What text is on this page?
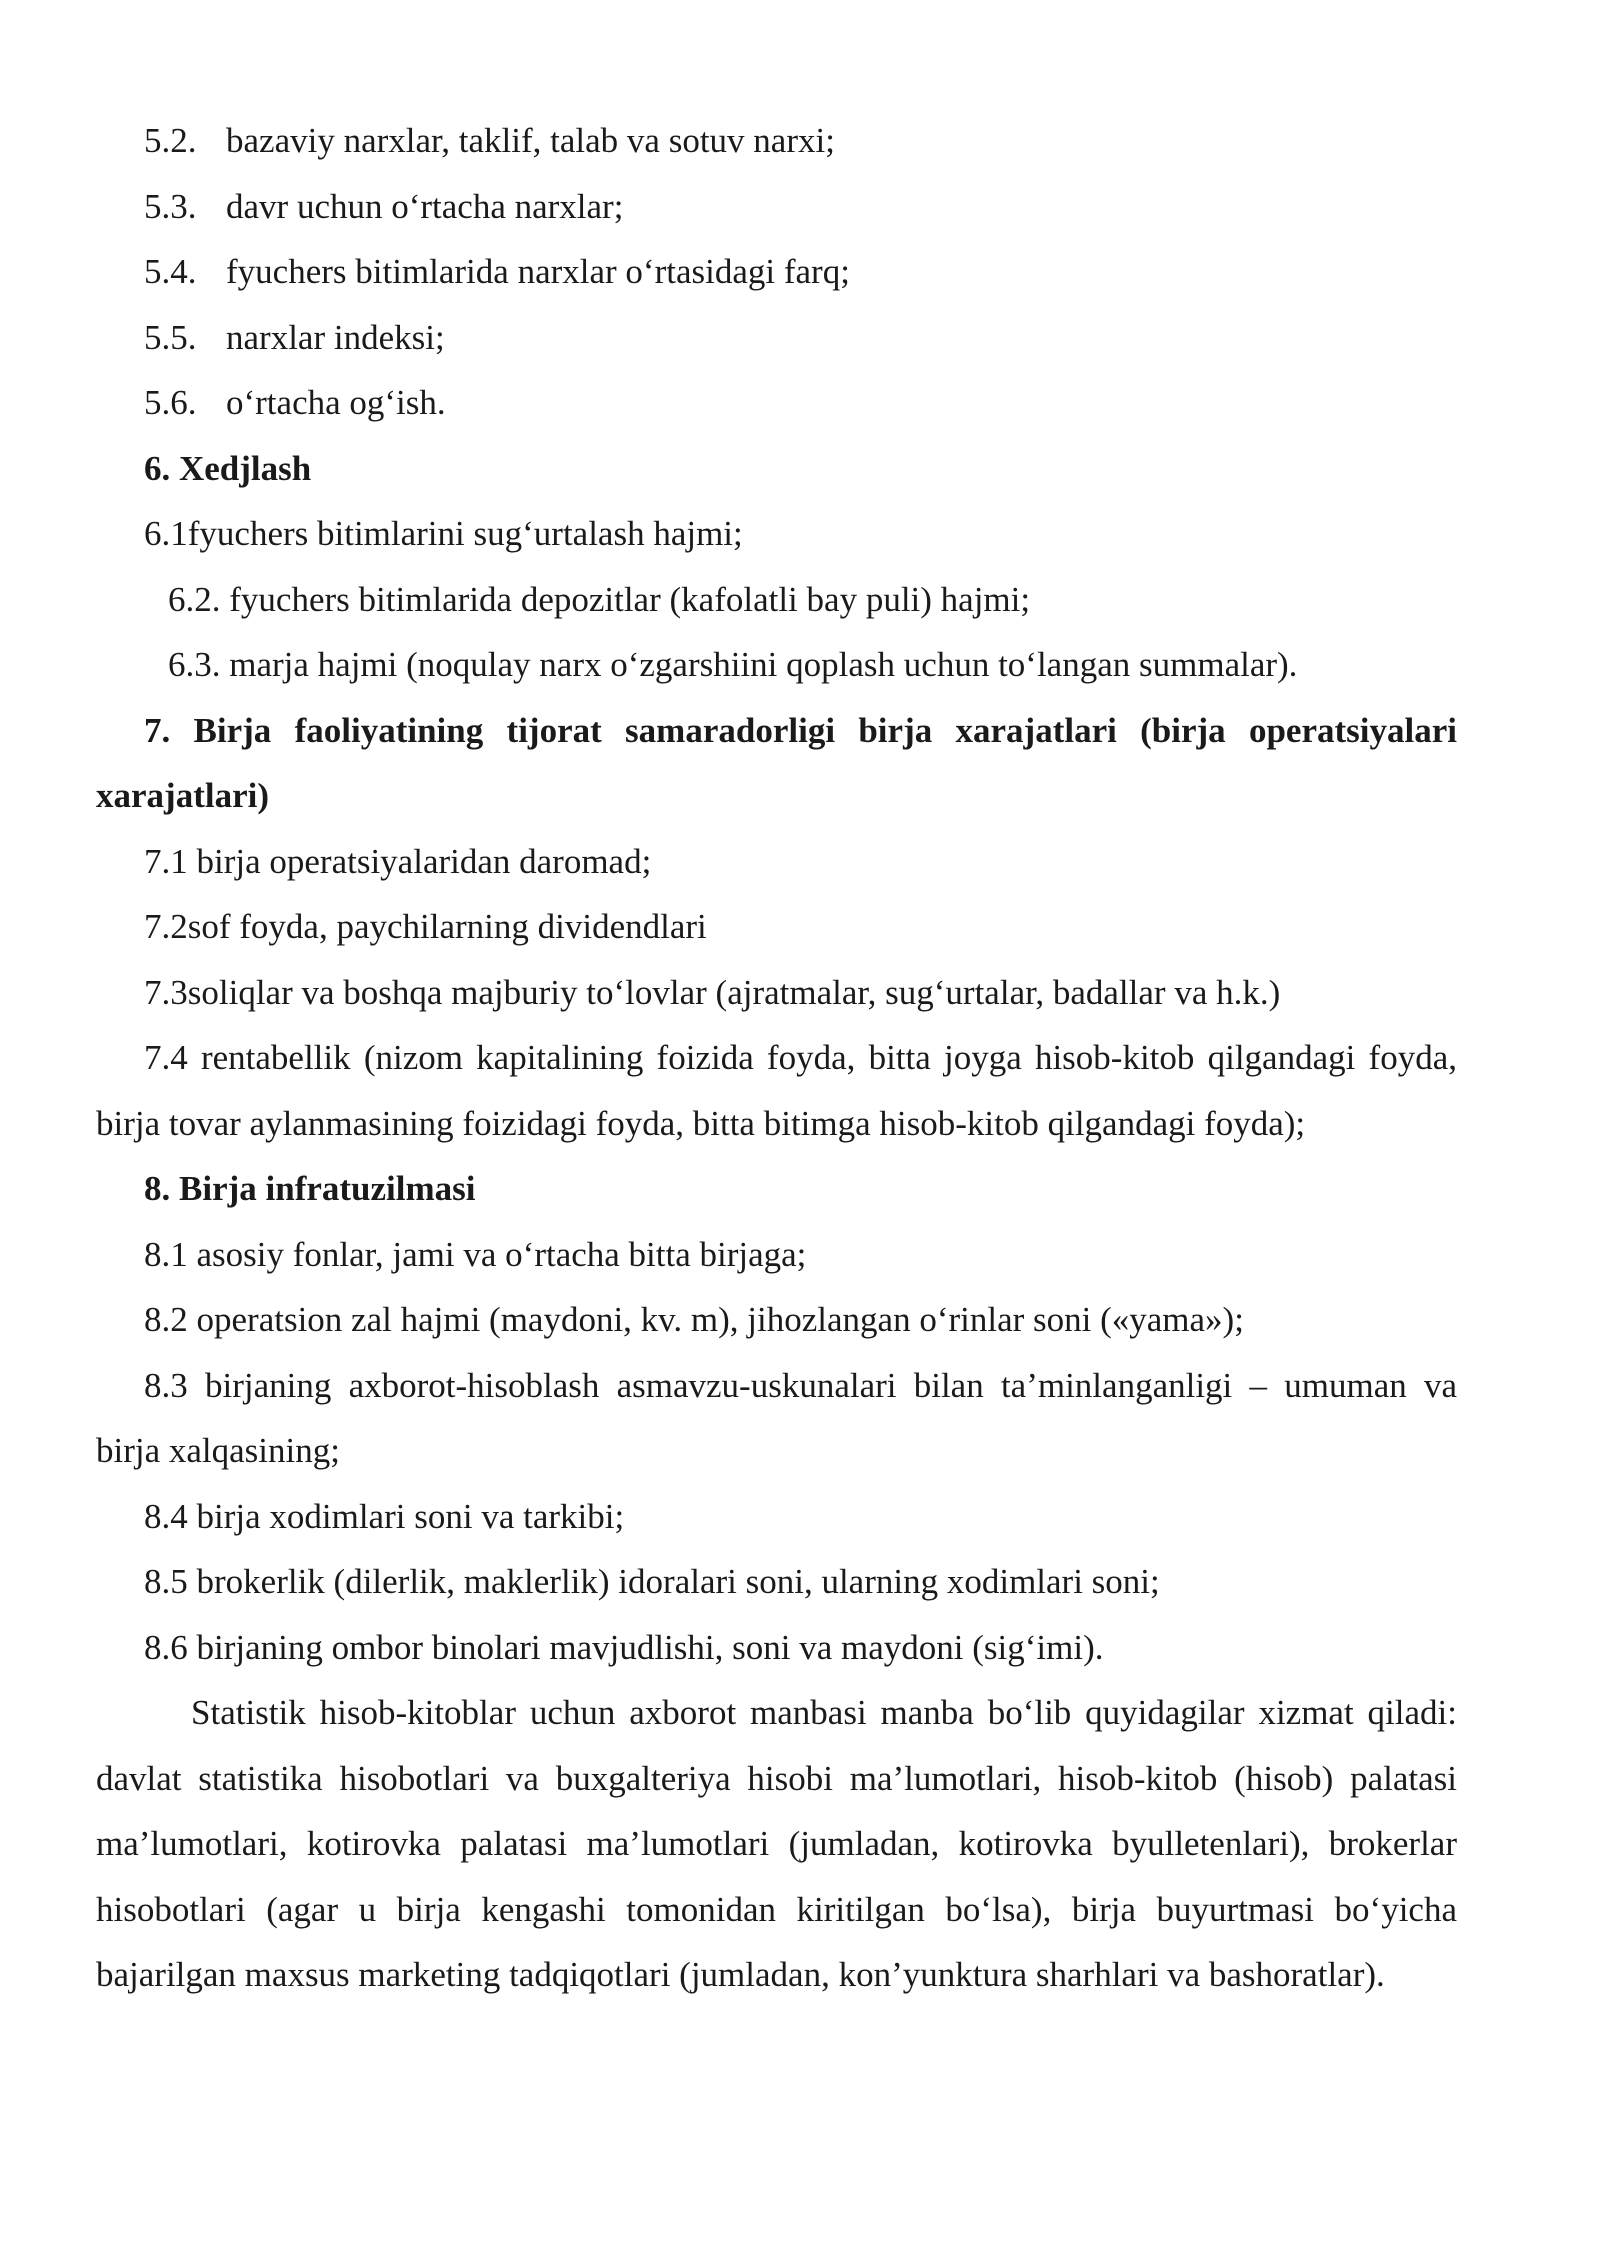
5.2. bazaviy narxlar, taklif, talab va sotuv narxi;
5.3. davr uchun o‘rtacha narxlar;
5.4. fyuchers bitimlarida narxlar o‘rtasidagi farq;
5.5. narxlar indeksi;
5.6. o‘rtacha og‘ish.
6. Xedjlash
6.1fyuchers bitimlarini sug‘urtalash hajmi;
6.2. fyuchers bitimlarida depozitlar (kafolatli bay puli) hajmi;
6.3. marja hajmi (noqulay narx o‘zgarshiini qoplash uchun to‘langan summalar).
7. Birja faoliyatining tijorat samaradorligi birja xarajatlari (birja operatsiyalari xarajatlari)
7.1 birja operatsiyalaridan daromad;
7.2sof foyda, paychilarning dividendlari
7.3soliqlar va boshqa majburiy to‘lovlar (ajratmalar, sug‘urtalar, badallar va h.k.)
7.4 rentabellik (nizom kapitalining foizida foyda, bitta joyga hisob-kitob qilgandagi foyda, birja tovar aylanmasining foizidagi foyda, bitta bitimga hisob-kitob qilgandagi foyda);
8. Birja infratuzilmasi
8.1 asosiy fonlar, jami va o‘rtacha bitta birjaga;
8.2 operatsion zal hajmi (maydoni, kv. m), jihozlangan o‘rinlar soni («yama»);
8.3 birjaning axborot-hisoblash asmavzu-uskunalari bilan ta’minlanganligi – umuman va birja xalqasining;
8.4 birja xodimlari soni va tarkibi;
8.5 brokerlik (dilerlik, maklerlik) idoralari soni, ularning xodimlari soni;
8.6 birjaning ombor binolari mavjudlishi, soni va maydoni (sig‘imi).
Statistik hisob-kitoblar uchun axborot manbasi manba bo‘lib quyidagilar xizmat qiladi: davlat statistika hisobotlari va buxgalteriya hisobi ma’lumotlari, hisob-kitob (hisob) palatasi ma’lumotlari, kotirovka palatasi ma’lumotlari (jumladan, kotirovka byulletenlari), brokerlar hisobotlari (agar u birja kengashi tomonidan kiritilgan bo‘lsa), birja buyurtmasi bo‘yicha bajarilgan maxsus marketing tadqiqotlari (jumladan, kon’yunktura sharhlari va bashoratlar).
